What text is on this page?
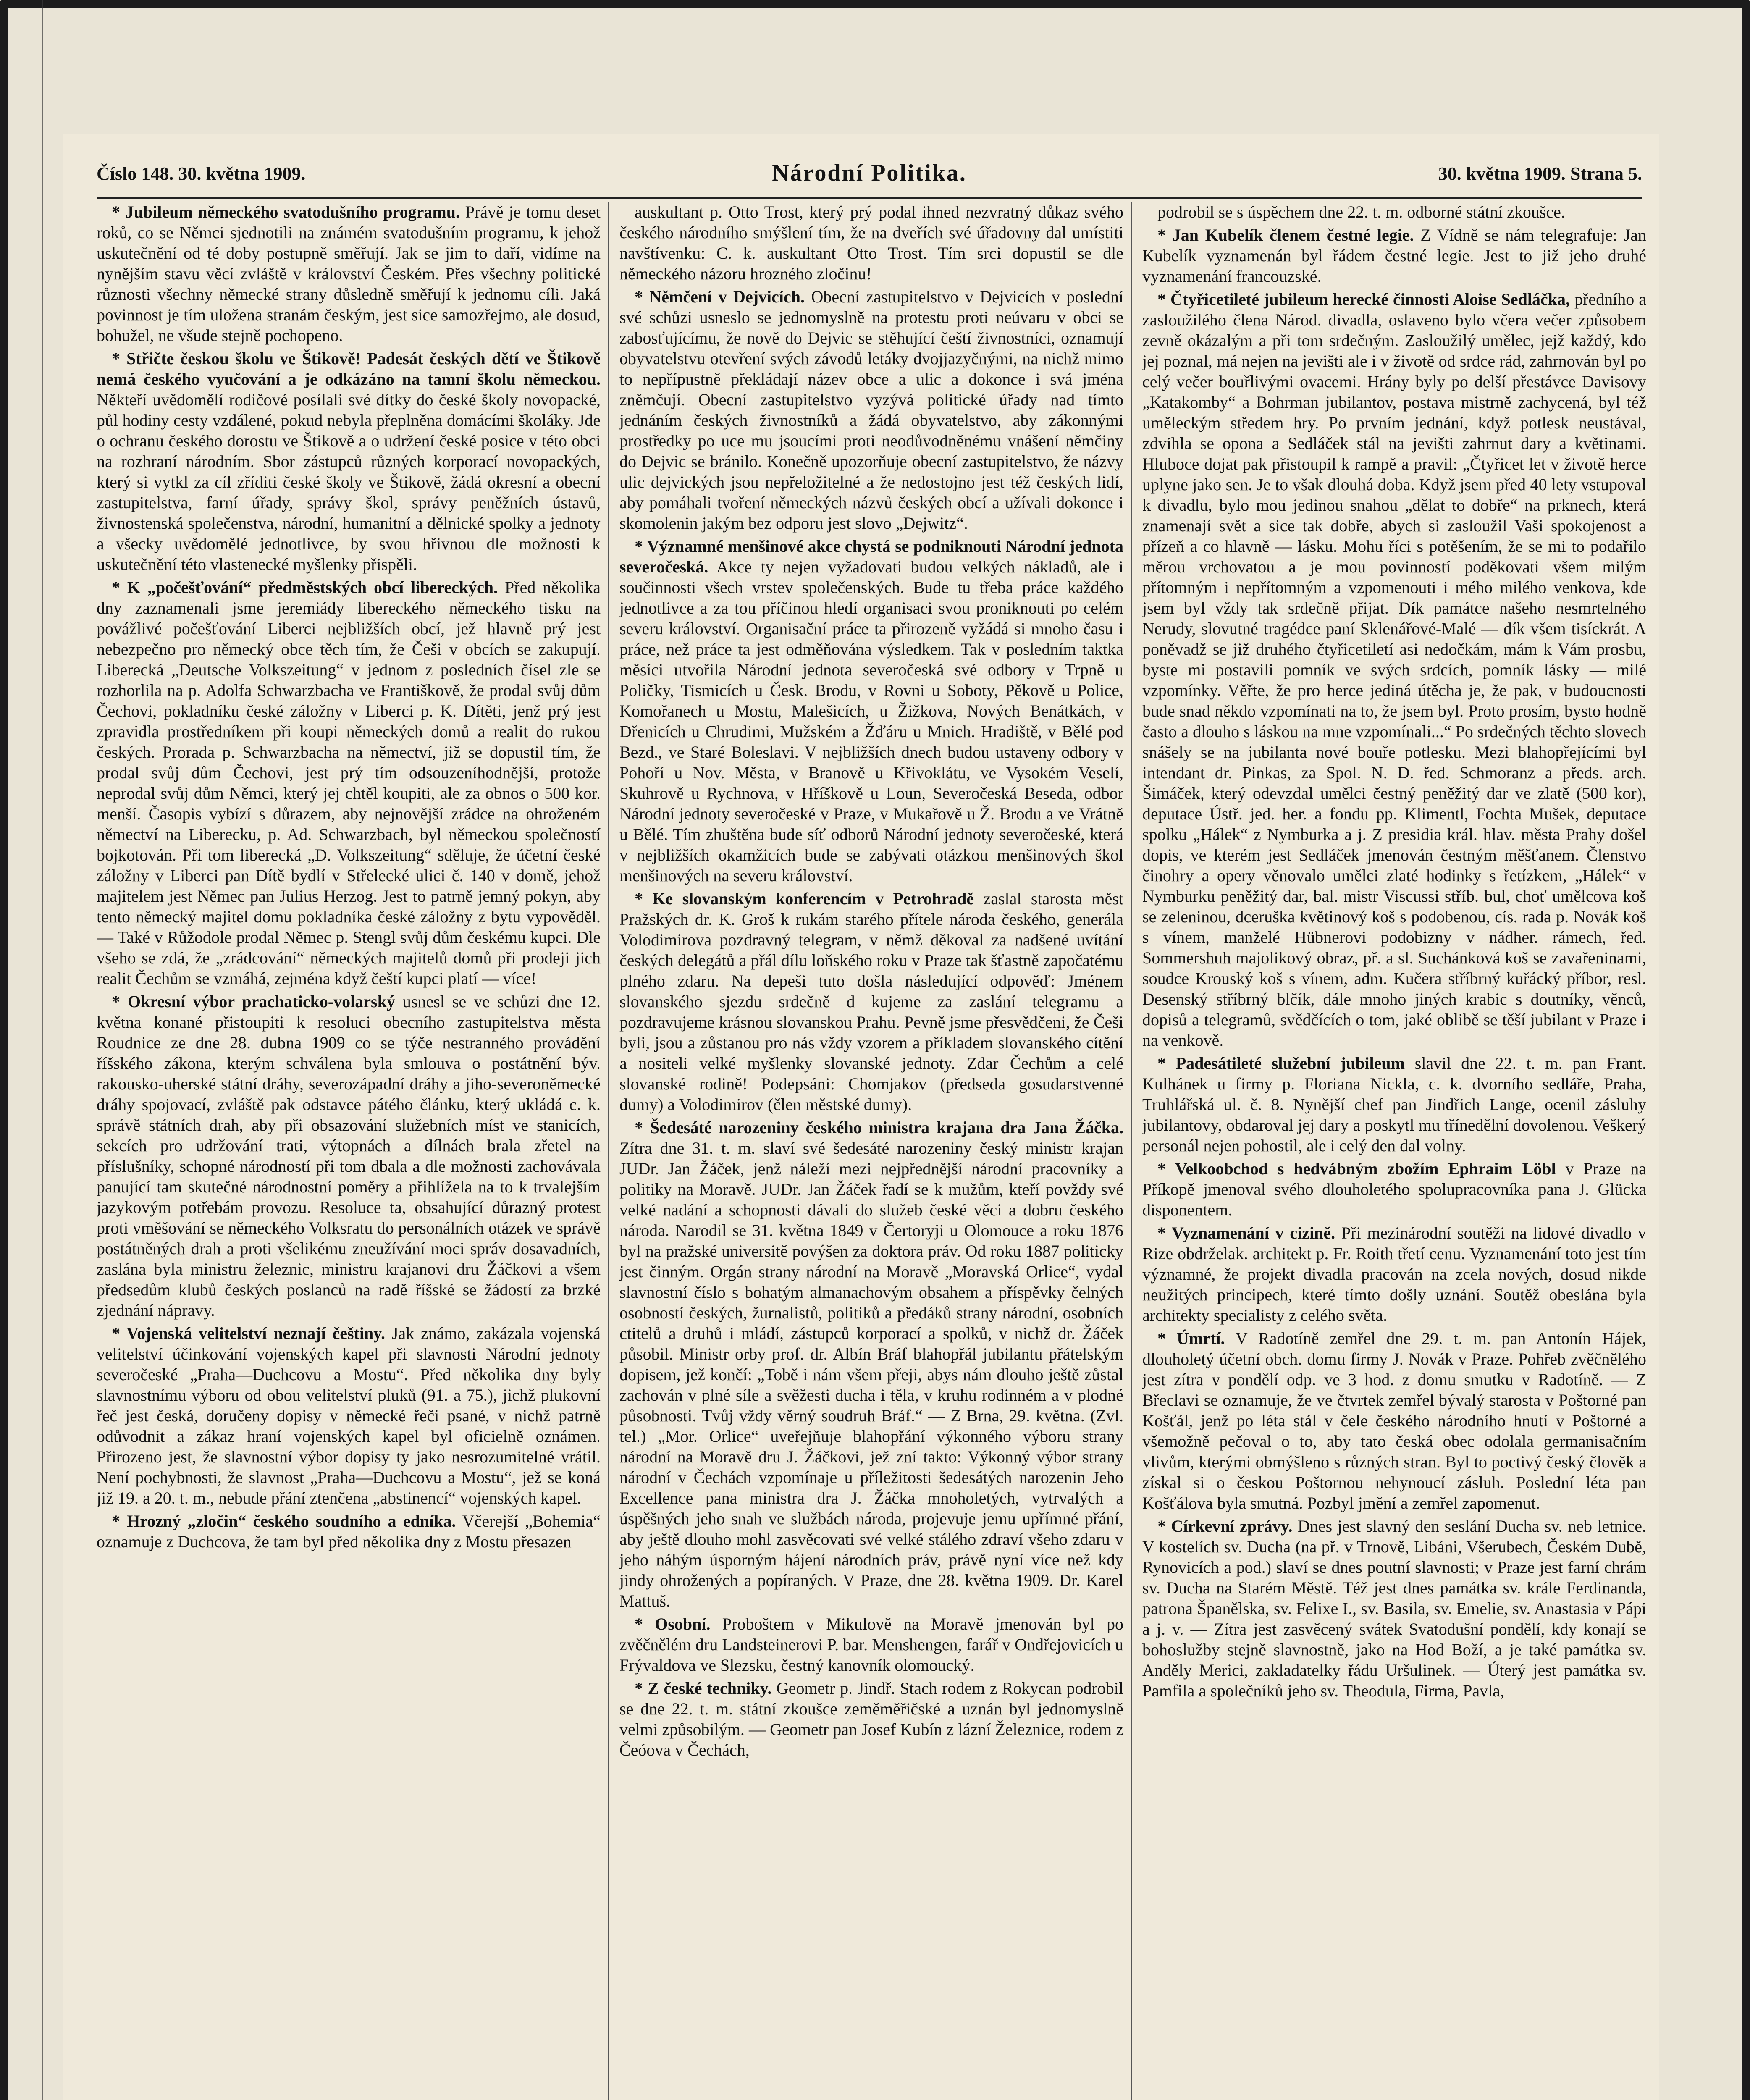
Číslo 148. 30. května 1909.	Národní Politika.	30. května 1909. Strana 5.

* Jubileum německého svatodušního programu. Právě je tomu deset roků, co se Němci sjednotili na známém svatodušním programu, k jehož uskutečnění od té doby postupně směřují. Jak se jim to daří, vidíme na nynějším stavu věcí zvláště v království Českém. Přes všechny politické různosti všechny německé strany důsledně směřují k jednomu cíli. Jaká povinnost je tím uložena stranám českým, jest sice samozřejmo, ale dosud, bohužel, ne všude stejně pochopeno.

* Střičte českou školu ve Štikově! Padesát českých dětí ve Štikově nemá českého vyučování a je odkázáno na tamní školu německou. Někteří uvědomělí rodičové posílali své dítky do české školy novopacké, půl hodiny cesty vzdálené, pokud nebyla přeplněna domácími školáky. Jde o ochranu českého dorostu ve Štikově a o udržení české posice v této obci na rozhraní národním. Sbor zástupců různých korporací novopackých, který si vytkl za cíl zříditi české školy ve Štikově, žádá okresní a obecní zastupitelstva, farní úřady, správy škol, správy peněžních ústavů, živnostenská společenstva, národní, humanitní a dělnické spolky a jednoty a všecky uvědomělé jednotlivce, by svou hřivnou dle možnosti k uskutečnění této vlastenecké myšlenky přispěli.

* K „počešťování“ předměstských obcí libereckých. Před několika dny zaznamenali jsme jeremiády libereckého německého tisku na povážlivé počešťování Liberci nejbližších obcí, jež hlavně prý jest nebezpečno pro německý obce těch tím, že Češi v obcích se zakupují. Liberecká „Deutsche Volkszeitung“ v jednom z posledních čísel zle se rozhorlila na p. Adolfa Schwarzbacha ve Františkově, že prodal svůj dům Čechovi, pokladníku české záložny v Liberci p. K. Dítěti, jenž prý jest zpravidla prostředníkem při koupi německých domů a realit do rukou českých. Prorada p. Schwarzbacha na němectví, již se dopustil tím, že prodal svůj dům Čechovi, jest prý tím odsouzeníhodnější, protože neprodal svůj dům Němci, který jej chtěl koupiti, ale za obnos o 500 kor. menší. Časopis vybízí s důrazem, aby nejnovější zrádce na ohroženém němectví na Liberecku, p. Ad. Schwarzbach, byl německou společností bojkotován. Při tom liberecká „D. Volkszeitung“ sděluje, že účetní české záložny v Liberci pan Dítě bydlí v Střelecké ulici č. 140 v domě, jehož majitelem jest Němec pan Julius Herzog. Jest to patrně jemný pokyn, aby tento německý majitel domu pokladníka české záložny z bytu vypověděl. — Také v Růžodole prodal Němec p. Stengl svůj dům českému kupci. Dle všeho se zdá, že „zrádcování“ německých majitelů domů při prodeji jich realit Čechům se vzmáhá, zejména když čeští kupci platí — více!

* Okresní výbor prachaticko-volarský usnesl se ve schůzi dne 12. května konané přistoupiti k resoluci obecního zastupitelstva města Roudnice ze dne 28. dubna 1909 co se týče nestranného provádění říšského zákona, kterým schválena byla smlouva o postátnění býv. rakousko-uherské státní dráhy, severozápadní dráhy a jiho-severoněmecké dráhy spojovací, zvláště pak odstavce pátého článku, který ukládá c. k. správě státních drah, aby při obsazování služebních míst ve stanicích, sekcích pro udržování trati, výtopnách a dílnách brala zřetel na příslušníky, schopné národností při tom dbala a dle možnosti zachovávala panující tam skutečné národnostní poměry a přihlížela na to k trvalejším jazykovým potřebám provozu. Resoluce ta, obsahující důrazný protest proti vměšování se německého Volksratu do personálních otázek ve správě postátněných drah a proti všelikému zneužívání moci správ dosavadních, zaslána byla ministru železnic, ministru krajanovi dru Žáčkovi a všem předsedům klubů českých poslanců na radě říšské se žádostí za brzké zjednání nápravy.

* Vojenská velitelství neznají češtiny. Jak známo, zakázala vojenská velitelství účinkování vojenských kapel při slavnosti Národní jednoty severočeské „Praha—Duchcovu a Mostu“. Před několika dny byly slavnostnímu výboru od obou velitelství pluků (91. a 75.), jichž plukovní řeč jest česká, doručeny dopisy v německé řeči psané, v nichž patrně odůvodnit a zákaz hraní vojenských kapel byl oficielně oznámen. Přirozeno jest, že slavnostní výbor dopisy ty jako nesrozumitelné vrátil. Není pochybnosti, že slavnost „Praha—Duchcovu a Mostu“, jež se koná již 19. a 20. t. m., nebude přání ztenčena „abstinencí“ vojenských kapel.

* Hrozný „zločin“ českého soudního a edníka. Včerejší „Bohemia“ oznamuje z Duchcova, že tam byl před několika dny z Mostu přesazen

auskultant p. Otto Trost, který prý podal ihned nezvratný důkaz svého českého národního smýšlení tím, že na dveřích své úřadovny dal umístiti navštívenku: C. k. auskultant Otto Trost. Tím srci dopustil se dle německého názoru hrozného zločinu!

* Němčení v Dejvicích. Obecní zastupitelstvo v Dejvicích v poslední své schůzi usneslo se jednomyslně na protestu proti neúvaru v obci se zabosťujícímu, že nově do Dejvic se stěhující čeští živnostníci, oznamují obyvatelstvu otevření svých závodů letáky dvojjazyčnými, na nichž mimo to nepřípustně překládají název obce a ulic a dokonce i svá jména zněmčují. Obecní zastupitelstvo vyzývá politické úřady nad tímto jednáním českých živnostníků a žádá obyvatelstvo, aby zákonnými prostředky po uce mu jsoucími proti neodůvodněnému vnášení němčiny do Dejvic se bránilo. Konečně upozorňuje obecní zastupitelstvo, že názvy ulic dejvických jsou nepřeložitelné a že nedostojno jest též českých lidí, aby pomáhali tvoření německých názvů českých obcí a užívali dokonce i skomolenin jakým bez odporu jest slovo „Dejwitz“.

* Významné menšinové akce chystá se podniknouti Národní jednota severočeská. Akce ty nejen vyžadovati budou velkých nákladů, ale i součinnosti všech vrstev společenských. Bude tu třeba práce každého jednotlivce a za tou příčinou hledí organisaci svou proniknouti po celém severu království. Organisační práce ta přirozeně vyžádá si mnoho času i práce, než práce ta jest odměňována výsledkem. Tak v posledním taktka měsíci utvořila Národní jednota severočeská své odbory v Trpně u Poličky, Tismicích u Česk. Brodu, v Rovni u Soboty, Pěkově u Police, Komořanech u Mostu, Malešicích, u Žižkova, Nových Benátkách, v Dřenicích u Chrudimi, Mužském a Žďáru u Mnich. Hradiště, v Bělé pod Bezd., ve Staré Boleslavi. V nejbližších dnech budou ustaveny odbory v Pohoří u Nov. Města, v Branově u Křivoklátu, ve Vysokém Veselí, Skuhrově u Rychnova, v Hříškově u Loun, Severočeská Beseda, odbor Národní jednoty severočeské v Praze, v Mukařově u Ž. Brodu a ve Vrátně u Bělé. Tím zhuštěna bude síť odborů Národní jednoty severočeské, která v nejbližších okamžicích bude se zabývati otázkou menšinových škol menšinových na severu království.

* Ke slovanským konferencím v Petrohradě zaslal starosta měst Pražských dr. K. Groš k rukám starého přítele národa českého, generála Volodimirova pozdravný telegram, v němž děkoval za nadšené uvítání českých delegátů a přál dílu loňského roku v Praze tak šťastně započatému plného zdaru. Na depeši tuto došla následující odpověď: Jménem slovanského sjezdu srdečně d kujeme za zaslání telegramu a pozdravujeme krásnou slovanskou Prahu. Pevně jsme přesvědčeni, že Češi byli, jsou a zůstanou pro nás vždy vzorem a příkladem slovanského cítění a nositeli velké myšlenky slovanské jednoty. Zdar Čechům a celé slovanské rodině! Podepsáni: Chomjakov (předseda gosudarstvenné dumy) a Volodimirov (člen městské dumy).

* Šedesáté narozeniny českého ministra krajana dra Jana Žáčka. Zítra dne 31. t. m. slaví své šedesáté narozeniny český ministr krajan JUDr. Jan Žáček, jenž náleží mezi nejpřednější národní pracovníky a politiky na Moravě. JUDr. Jan Žáček řadí se k mužům, kteří povždy své velké nadání a schopnosti dávali do služeb české věci a dobru českého národa. Narodil se 31. května 1849 v Čertoryji u Olomouce a roku 1876 byl na pražské universitě povýšen za doktora práv. Od roku 1887 politicky jest činným. Orgán strany národní na Moravě „Moravská Orlice“, vydal slavnostní číslo s bohatým almanachovým obsahem a příspěvky čelných osobností českých, žurnalistů, politiků a předáků strany národní, osobních ctitelů a druhů i mládí, zástupců korporací a spolků, v nichž dr. Žáček působil. Ministr orby prof. dr. Albín Bráf blahopřál jubilantu přátelským dopisem, jež končí: „Tobě i nám všem přeji, abys nám dlouho ještě zůstal zachován v plné síle a svěžesti ducha i těla, v kruhu rodinném a v plodné působnosti. Tvůj vždy věrný soudruh Bráf.“ — Z Brna, 29. května. (Zvl. tel.) „Mor. Orlice“ uveřejňuje blahopřání výkonného výboru strany národní na Moravě dru J. Žáčkovi, jež zní takto: Výkonný výbor strany národní v Čechách vzpomínaje u příležitosti šedesátých narozenin Jeho Excellence pana ministra dra J. Žáčka mnoholetých, vytrvalých a úspěšných jeho snah ve službách národa, projevuje jemu upřímné přání, aby ještě dlouho mohl zasvěcovati své velké stálého zdraví všeho zdaru v jeho náhým úsporným hájení národních práv, právě nyní více než kdy jindy ohrožených a popíraných. V Praze, dne 28. května 1909. Dr. Karel Mattuš.

* Osobní. Proboštem v Mikulově na Moravě jmenován byl po zvěčnělém dru Landsteinerovi P. bar. Menshengen, farář v Ondřejovicích u Frývaldova ve Slezsku, čestný kanovník olomoucký.

* Z české techniky. Geometr p. Jindř. Stach rodem z Rokycan podrobil se dne 22. t. m. státní zkoušce zeměměřičské a uznán byl jednomyslně velmi způsobilým. — Geometr pan Josef Kubín z lázní Železnice, rodem z Čeóova v Čechách,

podrobil se s úspěchem dne 22. t. m. odborné státní zkoušce.

* Jan Kubelík členem čestné legie. Z Vídně se nám telegrafuje: Jan Kubelík vyznamenán byl řádem čestné legie. Jest to již jeho druhé vyznamenání francouzské.

* Čtyřicetileté jubileum herecké činnosti Aloise Sedláčka, předního a zasloužilého člena Národ. divadla, oslaveno bylo včera večer způsobem zevně okázalým a při tom srdečným. Zasloužilý umělec, jejž každý, kdo jej poznal, má nejen na jevišti ale i v životě od srdce rád, zahrnován byl po celý večer bouřlivými ovacemi. Hrány byly po delší přestávce Davisovy „Katakomby“ a Bohrman jubilantov, postava mistrně zachycená, byl též uměleckým středem hry. Po prvním jednání, když potlesk neustával, zdvihla se opona a Sedláček stál na jevišti zahrnut dary a květinami. Hluboce dojat pak přistoupil k rampě a pravil: „Čtyřicet let v životě herce uplyne jako sen. Je to však dlouhá doba. Když jsem před 40 lety vstupoval k divadlu, bylo mou jedinou snahou „dělat to dobře“ na prknech, která znamenají svět a sice tak dobře, abych si zasloužil Vaši spokojenost a přízeň a co hlavně — lásku. Mohu říci s potěšením, že se mi to podařilo měrou vrchovatou a je mou povinností poděkovati všem milým přítomným i nepřítomným a vzpomenouti i mého milého venkova, kde jsem byl vždy tak srdečně přijat. Dík památce našeho nesmrtelného Nerudy, slovutné tragédce paní Sklenářové-Malé — dík všem tisíckrát. A poněvadž se již druhého čtyřicetiletí asi nedočkám, mám k Vám prosbu, byste mi postavili pomník ve svých srdcích, pomník lásky — milé vzpomínky. Věřte, že pro herce jediná útěcha je, že pak, v budoucnosti bude snad někdo vzpomínati na to, že jsem byl. Proto prosím, bysto hodně často a dlouho s láskou na mne vzpomínali...“ Po srdečných těchto slovech snášely se na jubilanta nové bouře potlesku. Mezi blahopřejícími byl intendant dr. Pinkas, za Spol. N. D. řed. Schmoranz a předs. arch. Šimáček, který odevzdal umělci čestný peněžitý dar ve zlatě (500 kor), deputace Ústř. jed. her. a fondu pp. Klimentl, Fochta Mušek, deputace spolku „Hálek“ z Nymburka a j. Z presidia král. hlav. města Prahy došel dopis, ve kterém jest Sedláček jmenován čestným měšťanem. Členstvo činohry a opery věnovalo umělci zlaté hodinky s řetízkem, „Hálek“ v Nymburku peněžitý dar, bal. mistr Viscussi stříb. bul, choť umělcova koš se zeleninou, dceruška květinový koš s podobenou, cís. rada p. Novák koš s vínem, manželé Hübnerovi podobizny v nádher. rámech, řed. Sommershuh majolikový obraz, př. a sl. Suchánková koš se zavařeninami, soudce Krouský koš s vínem, adm. Kučera stříbrný kuřácký příbor, resl. Desenský stříbrný blčík, dále mnoho jiných krabic s doutníky, věnců, dopisů a telegramů, svědčících o tom, jaké oblibě se těší jubilant v Praze i na venkově.

* Padesátileté služební jubileum slavil dne 22. t. m. pan Frant. Kulhánek u firmy p. Floriana Nickla, c. k. dvorního sedláře, Praha, Truhlářská ul. č. 8. Nynější chef pan Jindřich Lange, ocenil zásluhy jubilantovy, obdaroval jej dary a poskytl mu třínedělní dovolenou. Veškerý personál nejen pohostil, ale i celý den dal volny.

* Velkoobchod s hedvábným zbožím Ephraim Löbl v Praze na Příkopě jmenoval svého dlouholetého spolupracovníka pana J. Glücka disponentem.

* Vyznamenání v cizině. Při mezinárodní soutěži na lidové divadlo v Rize obdrželak. architekt p. Fr. Roith třetí cenu. Vyznamenání toto jest tím významné, že projekt divadla pracován na zcela nových, dosud nikde neužitých principech, které tímto došly uznání. Soutěž obeslána byla architekty specialisty z celého světa.

* Úmrtí. V Radotíně zemřel dne 29. t. m. pan Antonín Hájek, dlouholetý účetní obch. domu firmy J. Novák v Praze. Pohřeb zvěčnělého jest zítra v pondělí odp. ve 3 hod. z domu smutku v Radotíně. — Z Břeclavi se oznamuje, že ve čtvrtek zemřel bývalý starosta v Poštorné pan Košťál, jenž po léta stál v čele českého národního hnutí v Poštorné a všemožně pečoval o to, aby tato česká obec odolala germanisačním vlivům, kterými obmýšleno s různých stran. Byl to poctivý český člověk a získal si o českou Poštornou nehynoucí zásluh. Poslední léta pan Košťálova byla smutná. Pozbyl jmění a zemřel zapomenut.

* Církevní zprávy. Dnes jest slavný den seslání Ducha sv. neb letnice. V kostelích sv. Ducha (na př. v Trnově, Libáni, Všerubech, Českém Dubě, Rynovicích a pod.) slaví se dnes poutní slavnosti; v Praze jest farní chrám sv. Ducha na Starém Městě. Též jest dnes památka sv. krále Ferdinanda, patrona Španělska, sv. Felixe I., sv. Basila, sv. Emelie, sv. Anastasia v Pápi a j. v. — Zítra jest zasvěcený svátek Svatodušní pondělí, kdy konají se bohoslužby stejně slavnostně, jako na Hod Boží, a je také památka sv. Anděly Merici, zakladatelky řádu Uršulinek. — Úterý jest památka sv. Pamfila a společníků jeho sv. Theodula, Firma, Pavla,
